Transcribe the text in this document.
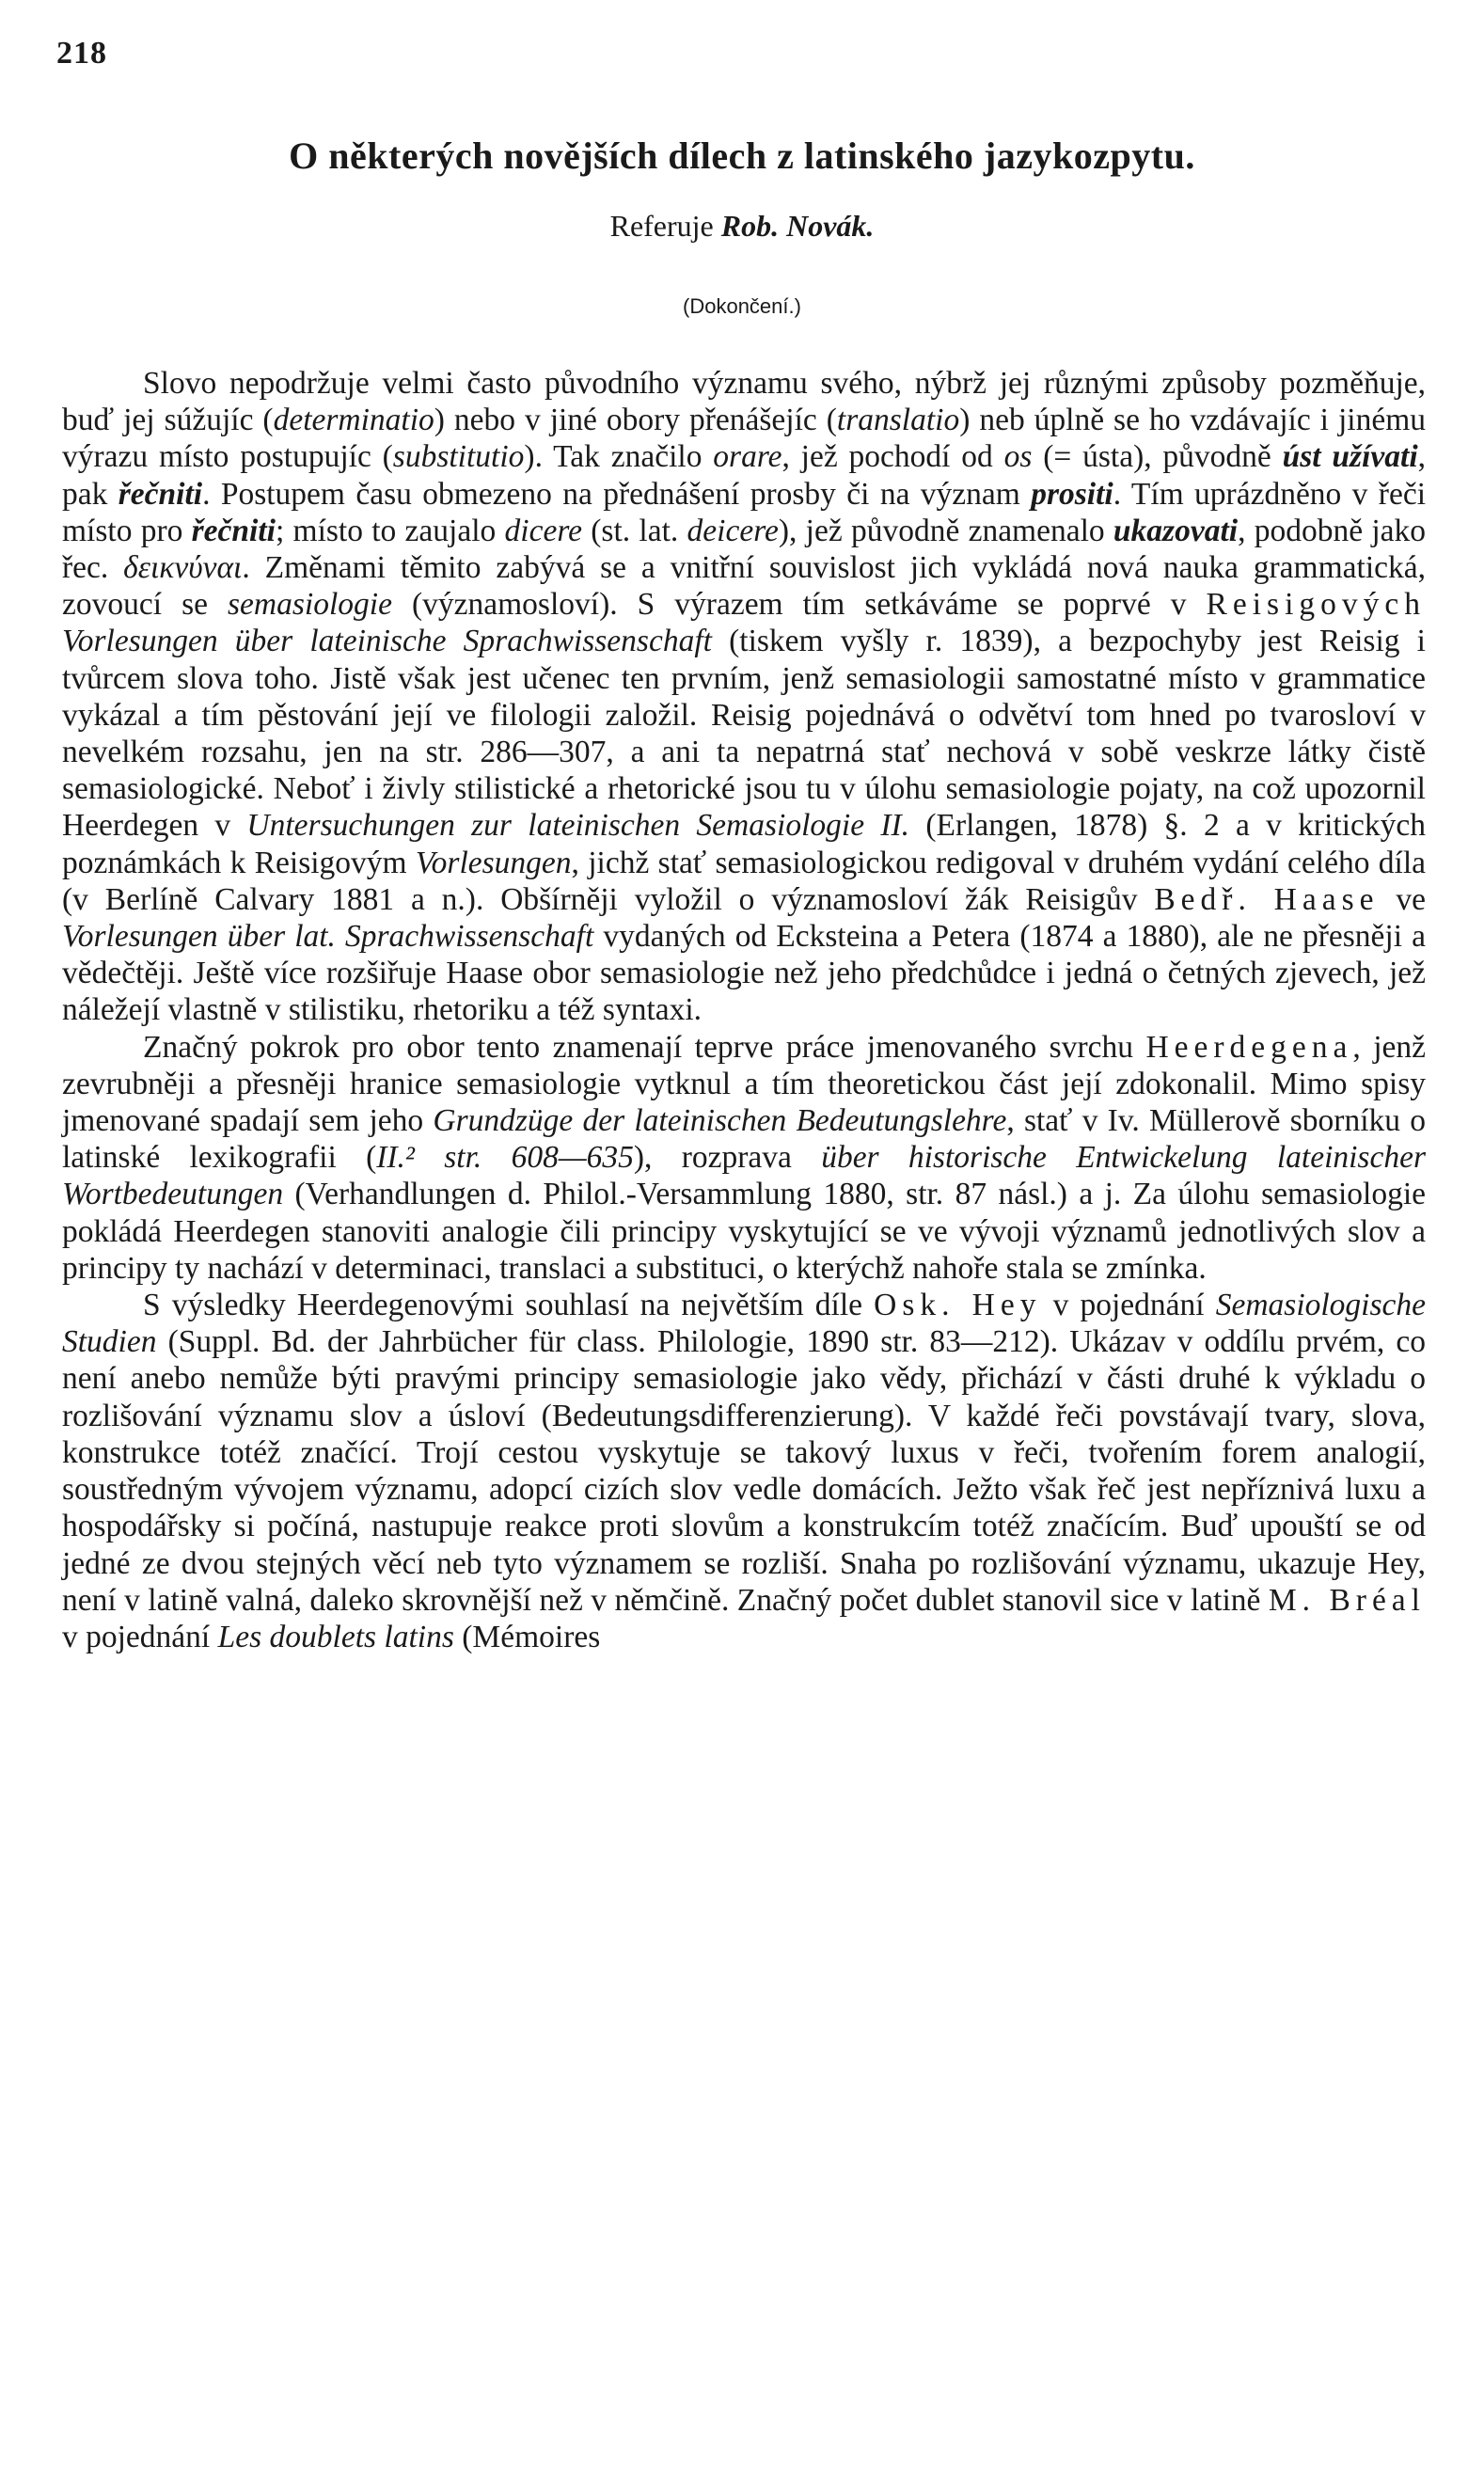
218
O některých novějších dílech z latinského jazykozpytu.
Referuje Rob. Novák.
(Dokončení.)

Slovo nepodržuje velmi často původního významu svého, nýbrž jej různými způsoby pozměňuje, buď jej súžujíc (determinatio) nebo v jiné obory přenášejíc (translatio) neb úplně se ho vzdávajíc i jinému výrazu místo postupujíc (substitutio). Tak značilo orare, jež pochodí od os (= ústa), původně úst užívati, pak řečniti. Postupem času obmezeno na přednášení prosby či na význam prositi. Tím uprázdněno v řeči místo pro řečniti; místo to zaujalo dicere (st. lat. deicere), jež původně znamenalo ukazovati, podobně jako řec. δεικνύναι. Změnami těmito zabývá se a vnitřní souvislost jich vykládá nová nauka grammatická, zovoucí se semasiologie (významosloví). S výrazem tím setkáváme se poprvé v Reisigových Vorlesungen über lateinische Sprachwissenschaft (tiskem vyšly r. 1839), a bezpochyby jest Reisig i tvůrcem slova toho. Jistě však jest učenec ten prvním, jenž semasiologii samostatné místo v grammatice vykázal a tím pěstování její ve filologii založil. Reisig pojednává o odvětví tom hned po tvarosloví v nevelkém rozsahu, jen na str. 286—307, a ani ta nepatrná stať nechová v sobě veskrze látky čistě semasiologické. Neboť i živly stilistické a rhetorické jsou tu v úlohu semasiologie pojaty, na což upozornil Heerdegen v Untersuchungen zur lateinischen Semasiologie II. (Erlangen, 1878) §. 2 a v kritických poznámkách k Reisigovým Vorlesungen, jichž stať semasiologickou redigoval v druhém vydání celého díla (v Berlíně Calvary 1881 a n.). Obšírněji vyložil o významosloví žák Reisigův Bedř. Haase ve Vorlesungen über lat. Sprachwissenschaft vydaných od Ecksteina a Petera (1874 a 1880), ale ne přesněji a vědečtěji. Ještě více rozšiřuje Haase obor semasiologie než jeho předchůdce i jedná o četných zjevech, jež náležejí vlastně v stilistiku, rhetoriku a též syntaxi.

Značný pokrok pro obor tento znamenají teprve práce jmenovaného svrchu Heerdegena, jenž zevrubněji a přesněji hranice semasiologie vytknul a tím theoretickou část její zdokonalil. Mimo spisy jmenované spadají sem jeho Grundzüge der lateinischen Bedeutungslehre, stať v Iv. Müllerově sborníku o latinské lexikografii (II.² str. 608—635), rozprava über historische Entwickelung lateinischer Wortbedeutungen (Verhandlungen d. Philol.-Versammlung 1880, str. 87 násl.) a j. Za úlohu semasiologie pokládá Heerdegen stanoviti analogie čili principy vyskytující se ve vývoji významů jednotlivých slov a principy ty nachází v determinaci, translaci a substituci, o kterýchž nahoře stala se zmínka.

S výsledky Heerdegenovými souhlasí na největším díle Osk. Hey v pojednání Semasiologische Studien (Suppl. Bd. der Jahrbücher für class. Philologie, 1890 str. 83—212). Ukázav v oddílu prvém, co není anebo nemůže býti pravými principy semasiologie jako vědy, přichází v části druhé k výkladu o rozlišování významu slov a úsloví (Bedeutungsdifferenzierung). V každé řeči povstávají tvary, slova, konstrukce totéž značící. Trojí cestou vyskytuje se takový luxus v řeči, tvořením forem analogií, soustředným vývojem významu, adopcí cizích slov vedle domácích. Ježto však řeč jest nepříznivá luxu a hospodářsky si počíná, nastupuje reakce proti slovům a konstrukcím totéž značícím. Buď upouští se od jedné ze dvou stejných věcí neb tyto významem se rozliší. Snaha po rozlišování významu, ukazuje Hey, není v latině valná, daleko skrovnější než v němčině. Značný počet dublet stanovil sice v latině M. Bréal v pojednání Les doublets latins (Mémoires
